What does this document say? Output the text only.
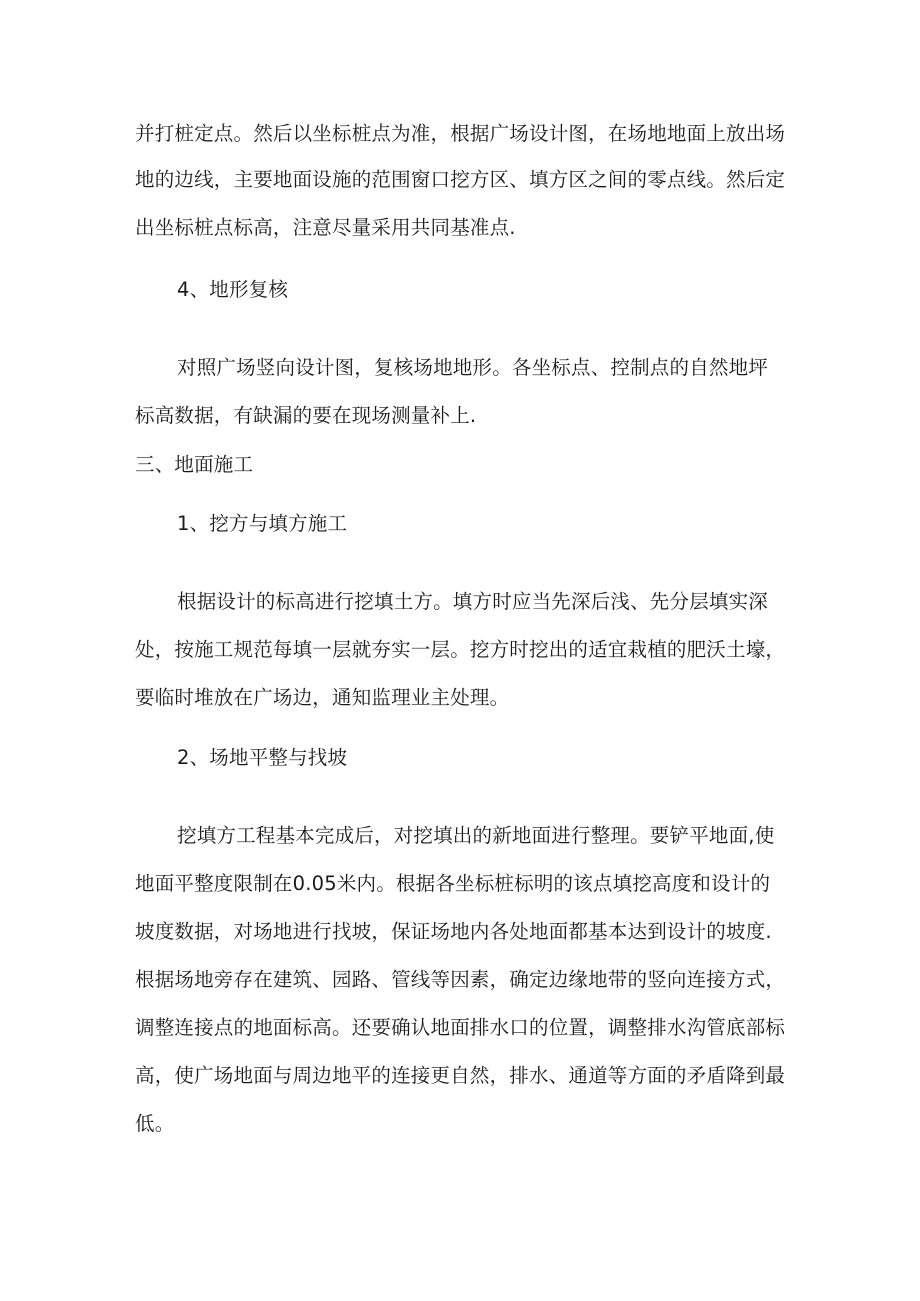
并打桩定点。然后以坐标桩点为准，根据广场设计图，在场地地面上放出场
地的边线，主要地面设施的范围窗口挖方区、填方区之间的零点线。然后定
出坐标桩点标高，注意尽量采用共同基准点.
4、地形复核
对照广场竖向设计图，复核场地地形。各坐标点、控制点的自然地坪
标高数据，有缺漏的要在现场测量补上.
三、地面施工
1、挖方与填方施工
根据设计的标高进行挖填土方。填方时应当先深后浅、先分层填实深
处，按施工规范每填一层就夯实一层。挖方时挖出的适宜栽植的肥沃土壕，
要临时堆放在广场边，通知监理业主处理。
2、场地平整与找坡
挖填方工程基本完成后，对挖填出的新地面进行整理。要铲平地面,使
地面平整度限制在0.05米内。根据各坐标桩标明的该点填挖高度和设计的
坡度数据，对场地进行找坡，保证场地内各处地面都基本达到设计的坡度.
根据场地旁存在建筑、园路、管线等因素，确定边缘地带的竖向连接方式，
调整连接点的地面标高。还要确认地面排水口的位置，调整排水沟管底部标
高，使广场地面与周边地平的连接更自然，排水、通道等方面的矛盾降到最
低。
